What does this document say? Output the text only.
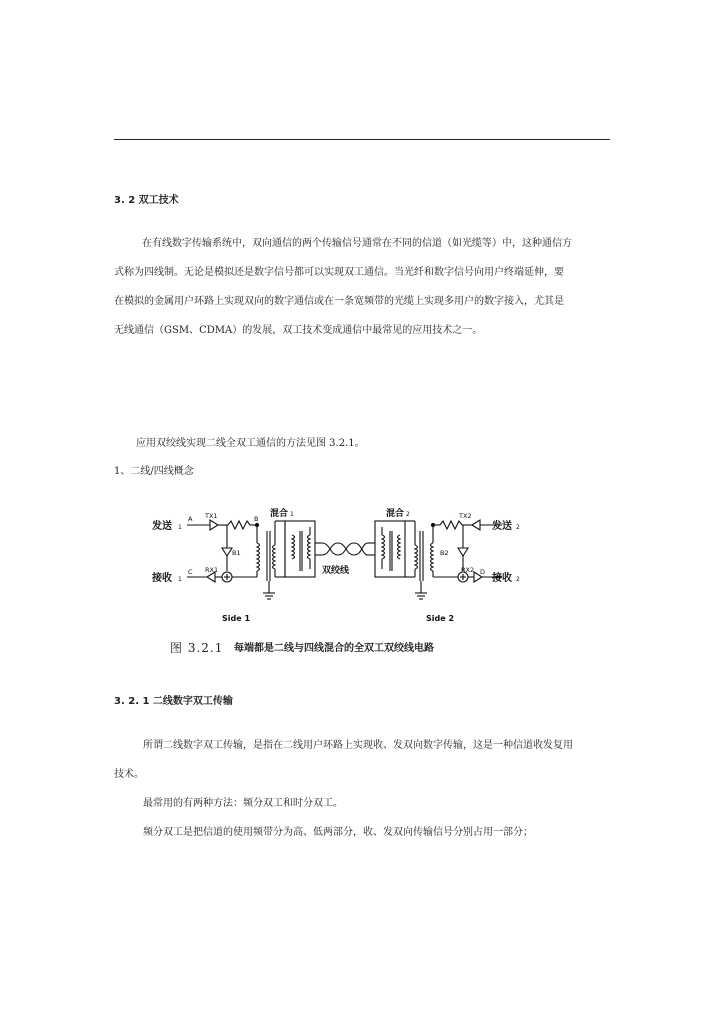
3. 2 双工技术
在有线数字传输系统中，双向通信的两个传输信号通常在不同的信道（如光缆等）中，这种通信方
式称为四线制。无论是模拟还是数字信号都可以实现双工通信。当光纤和数字信号向用户终端延伸，要
在模拟的金属用户环路上实现双向的数字通信或在一条宽频带的光缆上实现多用户的数字接入，尤其是
无线通信（GSM、CDMA）的发展，双工技术变成通信中最常见的应用技术之一。
应用双绞线实现二线全双工通信的方法见图 3.2.1。
1、二线/四线概念
发送 1
接收 1
A TX1	B
B1
C RX1
混合 1
Side 1
双绞线
混合 2	TX2
B2
RX2 D
发送 2
接收 2
Side 2
图 3.2.1 每端都是二线与四线混合的全双工双绞线电路
3. 2. 1 二线数字双工传输
所谓二线数字双工传输，是指在二线用户环路上实现收、发双向数字传输，这是一种信道收发复用
技术。
最常用的有两种方法：频分双工和时分双工。
频分双工是把信道的使用频带分为高、低两部分，收、发双向传输信号分别占用一部分；
